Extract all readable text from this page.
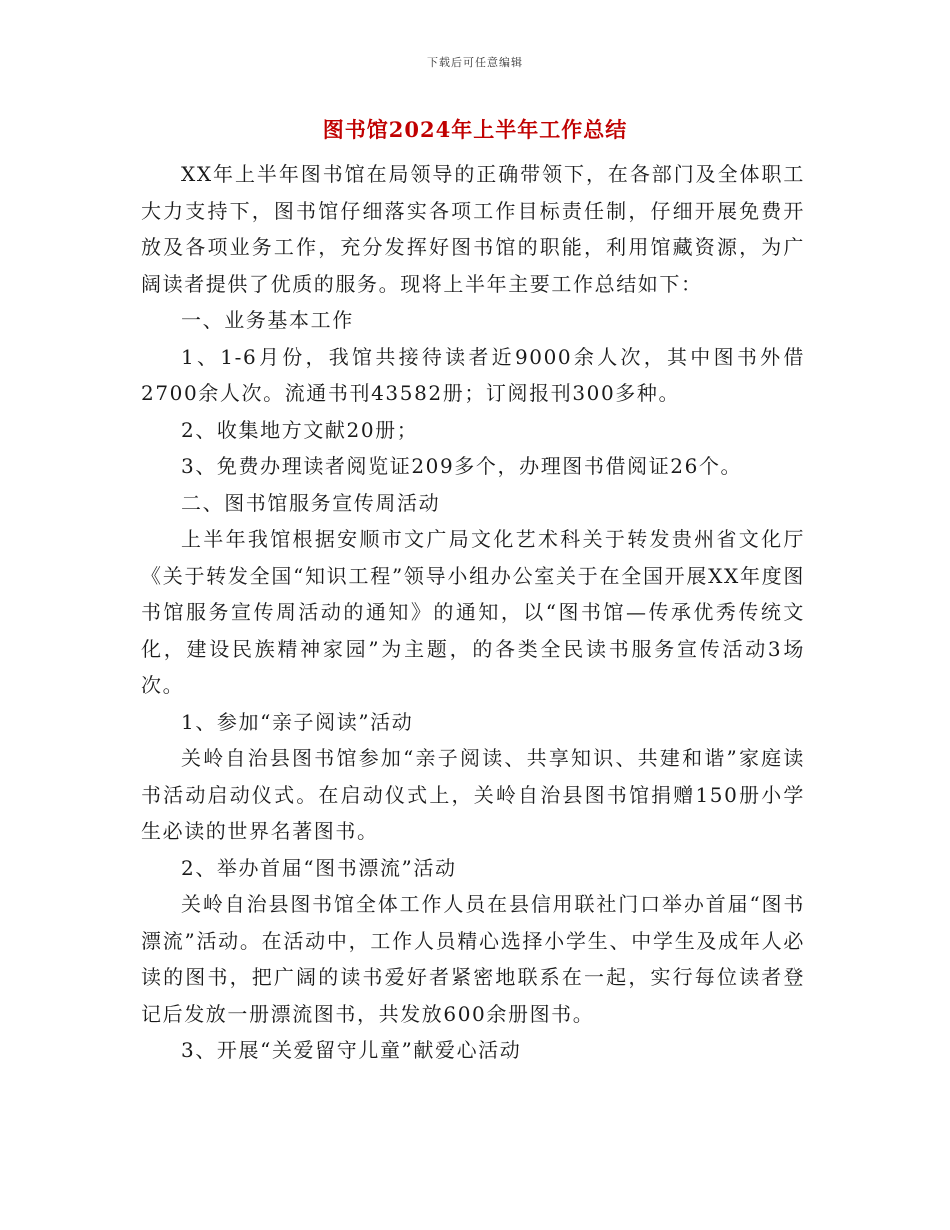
下载后可任意编辑
图书馆2024年上半年工作总结

XX年上半年图书馆在局领导的正确带领下，在各部门及全体职工大力支持下，图书馆仔细落实各项工作目标责任制，仔细开展免费开放及各项业务工作，充分发挥好图书馆的职能，利用馆藏资源，为广阔读者提供了优质的服务。现将上半年主要工作总结如下：

一、业务基本工作

1、1-6月份，我馆共接待读者近9000余人次，其中图书外借2700余人次。流通书刊43582册；订阅报刊300多种。

2、收集地方文献20册；

3、免费办理读者阅览证209多个，办理图书借阅证26个。

二、图书馆服务宣传周活动

上半年我馆根据安顺市文广局文化艺术科关于转发贵州省文化厅《关于转发全国“知识工程”领导小组办公室关于在全国开展XX年度图书馆服务宣传周活动的通知》的通知，以“图书馆—传承优秀传统文化，建设民族精神家园”为主题，的各类全民读书服务宣传活动3场次。

1、参加“亲子阅读”活动

关岭自治县图书馆参加“亲子阅读、共享知识、共建和谐”家庭读书活动启动仪式。在启动仪式上，关岭自治县图书馆捐赠150册小学生必读的世界名著图书。

2、举办首届“图书漂流”活动

关岭自治县图书馆全体工作人员在县信用联社门口举办首届“图书漂流”活动。在活动中，工作人员精心选择小学生、中学生及成年人必读的图书，把广阔的读书爱好者紧密地联系在一起，实行每位读者登记后发放一册漂流图书，共发放600余册图书。

3、开展“关爱留守儿童”献爱心活动
